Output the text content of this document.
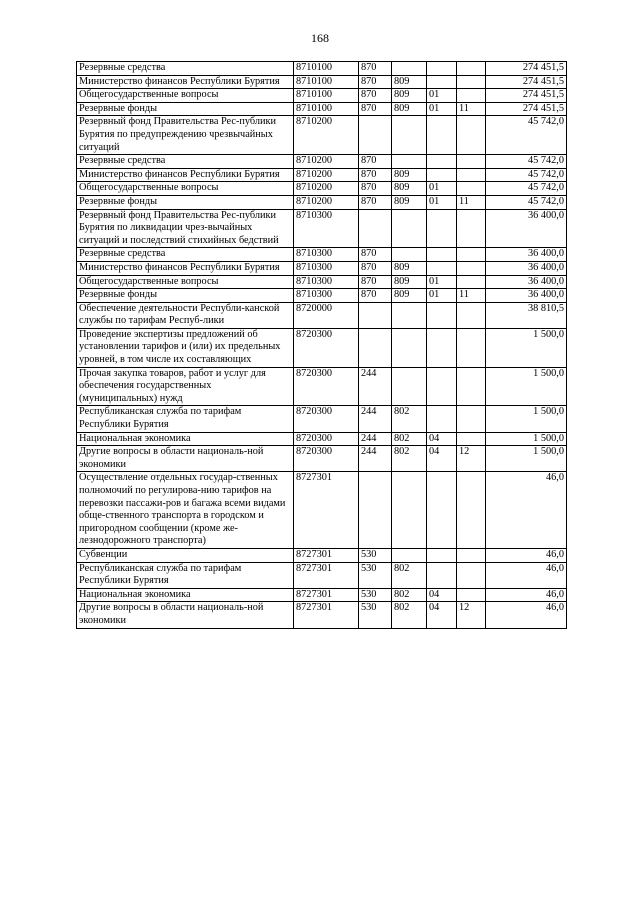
168
Резервные средства	8710100	870				274 451,5
Министерство финансов Республики Бурятия	8710100	870	809			274 451,5
Общегосударственные вопросы	8710100	870	809	01		274 451,5
Резервные фонды	8710100	870	809	01	11	274 451,5
Резервный фонд Правительства Рес-публики Бурятия по предупреждению чрезвычайных ситуаций	8710200					45 742,0
Резервные средства	8710200	870				45 742,0
Министерство финансов Республики Бурятия	8710200	870	809			45 742,0
Общегосударственные вопросы	8710200	870	809	01		45 742,0
Резервные фонды	8710200	870	809	01	11	45 742,0
Резервный фонд Правительства Рес-публики Бурятия по ликвидации чрез-вычайных ситуаций и последствий стихийных бедствий	8710300					36 400,0
Резервные средства	8710300	870				36 400,0
Министерство финансов Республики Бурятия	8710300	870	809			36 400,0
Общегосударственные вопросы	8710300	870	809	01		36 400,0
Резервные фонды	8710300	870	809	01	11	36 400,0
Обеспечение деятельности Республи-канской службы по тарифам Респуб-лики	8720000					38 810,5
Проведение экспертизы предложений об установлении тарифов и (или) их предельных уровней, в том числе их составляющих	8720300					1 500,0
Прочая закупка товаров, работ и услуг для обеспечения государственных (муниципальных) нужд	8720300	244				1 500,0
Республиканская служба по тарифам Республики Бурятия	8720300	244	802			1 500,0
Национальная экономика	8720300	244	802	04		1 500,0
Другие вопросы в области националь-ной экономики	8720300	244	802	04	12	1 500,0
Осуществление отдельных государ-ственных полномочий по регулирова-нию тарифов на перевозки пассажи-ров и багажа всеми видами обще-ственного транспорта в городском и пригородном сообщении (кроме же-лезнодорожного транспорта)	8727301					46,0
Субвенции	8727301	530				46,0
Республиканская служба по тарифам Республики Бурятия	8727301	530	802			46,0
Национальная экономика	8727301	530	802	04		46,0
Другие вопросы в области националь-ной экономики	8727301	530	802	04	12	46,0
